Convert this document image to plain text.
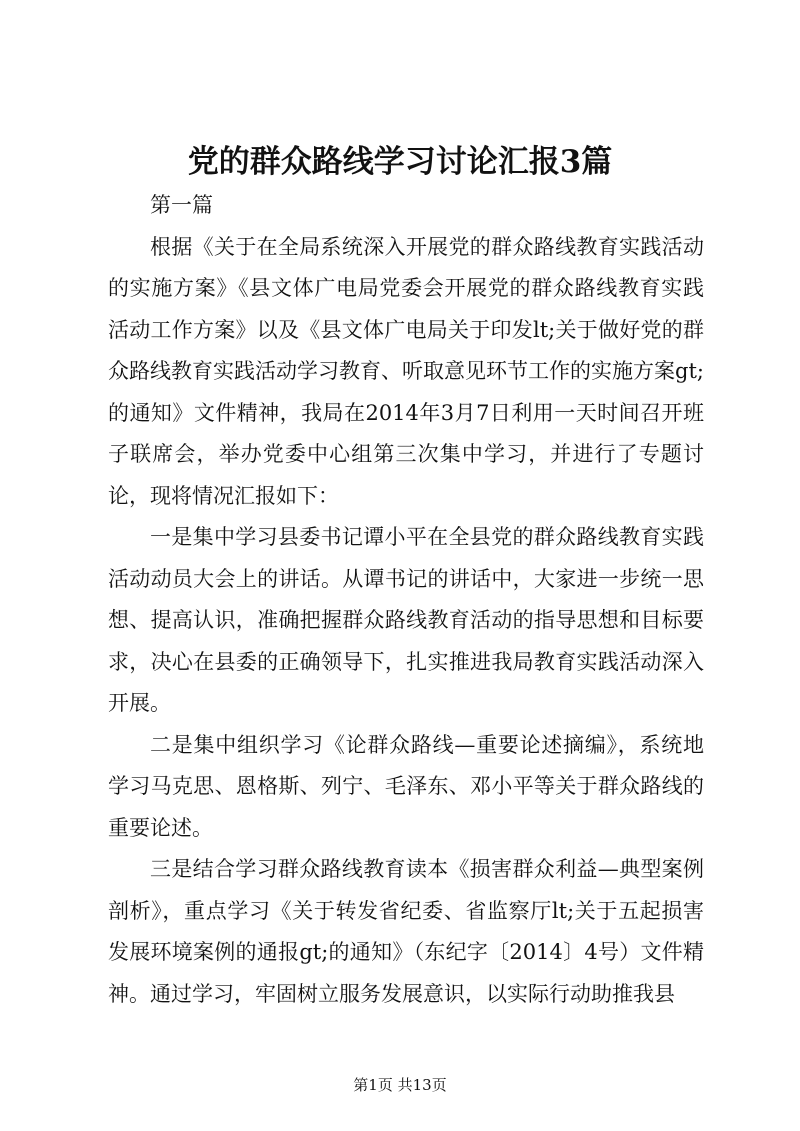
党的群众路线学习讨论汇报3篇

第一篇

根据《关于在全局系统深入开展党的群众路线教育实践活动的实施方案》《县文体广电局党委会开展党的群众路线教育实践活动工作方案》以及《县文体广电局关于印发lt;关于做好党的群众路线教育实践活动学习教育、听取意见环节工作的实施方案gt;的通知》文件精神，我局在2014年3月7日利用一天时间召开班子联席会，举办党委中心组第三次集中学习，并进行了专题讨论，现将情况汇报如下：

一是集中学习县委书记谭小平在全县党的群众路线教育实践活动动员大会上的讲话。从谭书记的讲话中，大家进一步统一思想、提高认识，准确把握群众路线教育活动的指导思想和目标要求，决心在县委的正确领导下，扎实推进我局教育实践活动深入开展。

二是集中组织学习《论群众路线—重要论述摘编》，系统地学习马克思、恩格斯、列宁、毛泽东、邓小平等关于群众路线的重要论述。

三是结合学习群众路线教育读本《损害群众利益—典型案例剖析》，重点学习《关于转发省纪委、省监察厅lt;关于五起损害发展环境案例的通报gt;的通知》（东纪字〔2014〕4号）文件精神。通过学习，牢固树立服务发展意识，以实际行动助推我县

第1页 共13页
